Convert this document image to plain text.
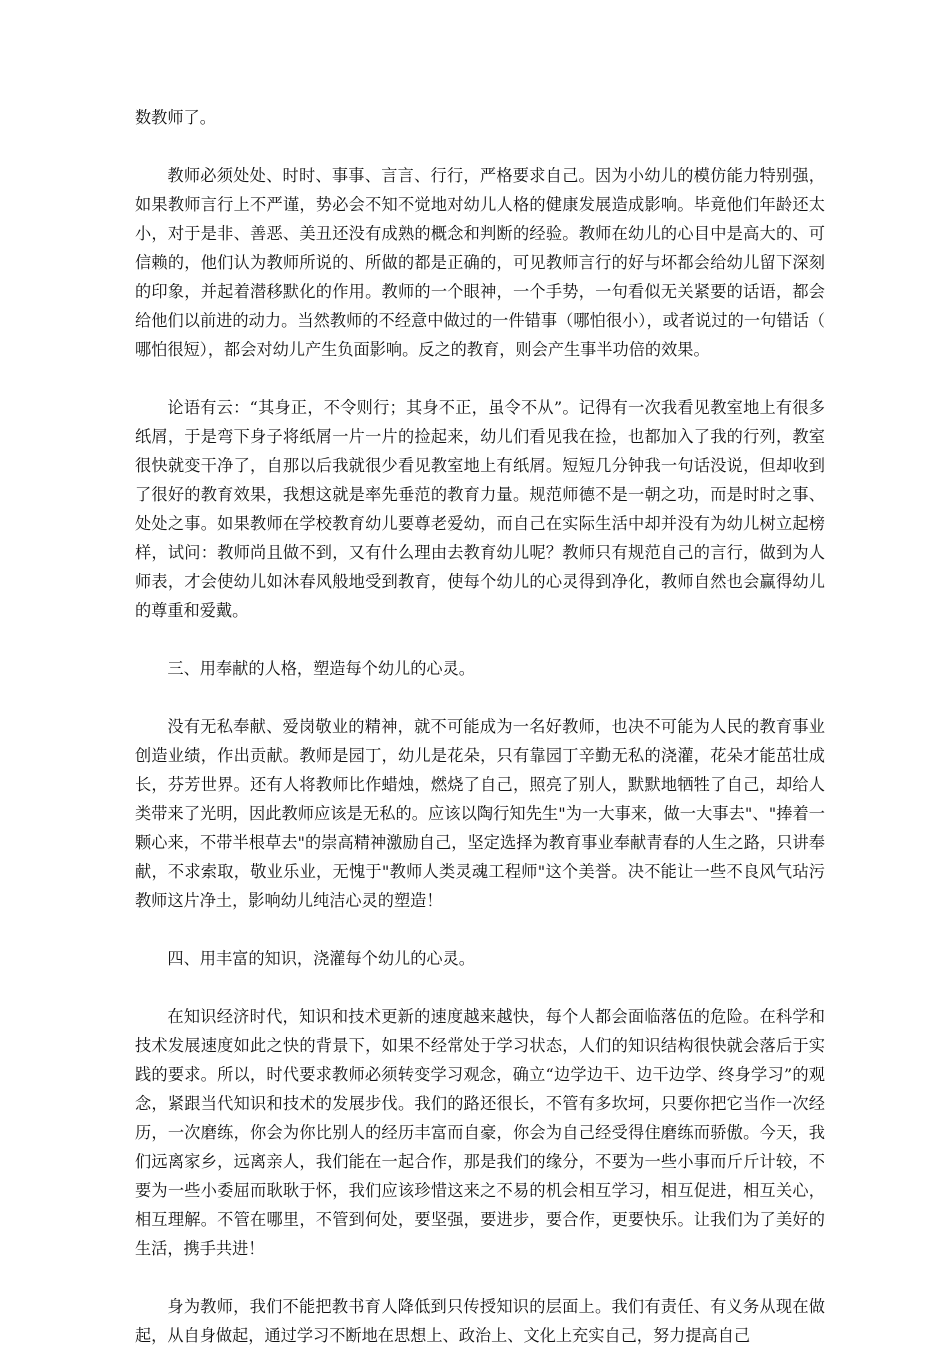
数教师了。

教师必须处处、时时、事事、言言、行行，严格要求自己。因为小幼儿的模仿能力特别强，如果教师言行上不严谨，势必会不知不觉地对幼儿人格的健康发展造成影响。毕竟他们年龄还太小，对于是非、善恶、美丑还没有成熟的概念和判断的经验。教师在幼儿的心目中是高大的、可信赖的，他们认为教师所说的、所做的都是正确的，可见教师言行的好与坏都会给幼儿留下深刻的印象，并起着潜移默化的作用。教师的一个眼神，一个手势，一句看似无关紧要的话语，都会给他们以前进的动力。当然教师的不经意中做过的一件错事（哪怕很小），或者说过的一句错话（哪怕很短），都会对幼儿产生负面影响。反之的教育，则会产生事半功倍的效果。

论语有云：“其身正，不令则行；其身不正，虽令不从”。记得有一次我看见教室地上有很多纸屑，于是弯下身子将纸屑一片一片的捡起来，幼儿们看见我在捡，也都加入了我的行列，教室很快就变干净了，自那以后我就很少看见教室地上有纸屑。短短几分钟我一句话没说，但却收到了很好的教育效果，我想这就是率先垂范的教育力量。规范师德不是一朝之功，而是时时之事、处处之事。如果教师在学校教育幼儿要尊老爱幼，而自己在实际生活中却并没有为幼儿树立起榜样，试问：教师尚且做不到，又有什么理由去教育幼儿呢？教师只有规范自己的言行，做到为人师表，才会使幼儿如沐春风般地受到教育，使每个幼儿的心灵得到净化，教师自然也会赢得幼儿的尊重和爱戴。

三、用奉献的人格，塑造每个幼儿的心灵。

没有无私奉献、爱岗敬业的精神，就不可能成为一名好教师，也决不可能为人民的教育事业创造业绩，作出贡献。教师是园丁，幼儿是花朵，只有靠园丁辛勤无私的浇灌，花朵才能茁壮成长，芬芳世界。还有人将教师比作蜡烛，燃烧了自己，照亮了别人，默默地牺牲了自己，却给人类带来了光明，因此教师应该是无私的。应该以陶行知先生"为一大事来，做一大事去"、"捧着一颗心来，不带半根草去"的崇高精神激励自己，坚定选择为教育事业奉献青春的人生之路，只讲奉献，不求索取，敬业乐业，无愧于"教师人类灵魂工程师"这个美誉。决不能让一些不良风气玷污教师这片净土，影响幼儿纯洁心灵的塑造！

四、用丰富的知识，浇灌每个幼儿的心灵。

在知识经济时代，知识和技术更新的速度越来越快，每个人都会面临落伍的危险。在科学和技术发展速度如此之快的背景下，如果不经常处于学习状态，人们的知识结构很快就会落后于实践的要求。所以，时代要求教师必须转变学习观念，确立“边学边干、边干边学、终身学习”的观念，紧跟当代知识和技术的发展步伐。我们的路还很长，不管有多坎坷，只要你把它当作一次经历，一次磨练，你会为你比别人的经历丰富而自豪，你会为自己经受得住磨练而骄傲。今天，我们远离家乡，远离亲人，我们能在一起合作，那是我们的缘分，不要为一些小事而斤斤计较，不要为一些小委屈而耿耿于怀，我们应该珍惜这来之不易的机会相互学习，相互促进，相互关心，相互理解。不管在哪里，不管到何处，要坚强，要进步，要合作，更要快乐。让我们为了美好的生活，携手共进！

身为教师，我们不能把教书育人降低到只传授知识的层面上。我们有责任、有义务从现在做起，从自身做起，通过学习不断地在思想上、政治上、文化上充实自己，努力提高自己
